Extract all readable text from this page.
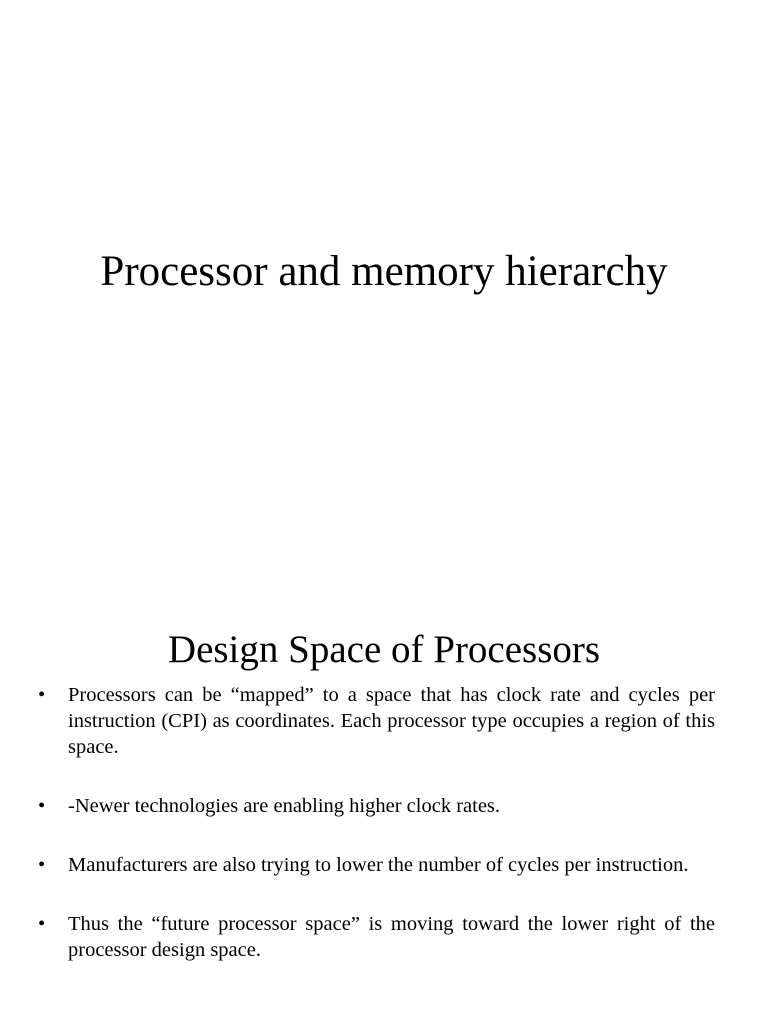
Processor and memory hierarchy
Design Space of Processors
•	Processors can be “mapped” to a space that has clock rate and cycles per instruction (CPI) as coordinates. Each processor type occupies a region of this space.
•	-Newer technologies are enabling higher clock rates.
•	Manufacturers are also trying to lower the number of cycles per instruction.
•	Thus the “future processor space” is moving toward the lower right of the processor design space.
